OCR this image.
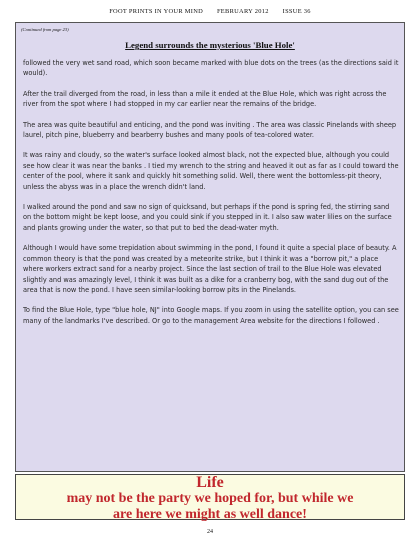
FOOT PRINTS IN YOUR MIND FEBRUARY 2012 ISSUE 36
(Continued from page 23)
Legend surrounds the mysterious 'Blue Hole'

followed the very wet sand road, which soon became marked with blue dots on the trees (as the directions said it would).

After the trail diverged from the road, in less than a mile it ended at the Blue Hole, which was right across the river from the spot where I had stopped in my car earlier near the remains of the bridge.

The area was quite beautiful and enticing, and the pond was inviting . The area was classic Pinelands with sheep laurel, pitch pine, blueberry and bearberry bushes and many pools of tea-colored water.

It was rainy and cloudy, so the water's surface looked almost black, not the expected blue, although you could see how clear it was near the banks . I tied my wrench to the string and heaved it out as far as I could toward the center of the pool, where it sank and quickly hit something solid. Well, there went the bottomless-pit theory, unless the abyss was in a place the wrench didn't land.

I walked around the pond and saw no sign of quicksand, but perhaps if the pond is spring fed, the stirring sand on the bottom might be kept loose, and you could sink if you stepped in it. I also saw water lilies on the surface and plants growing under the water, so that put to bed the dead-water myth.

Although I would have some trepidation about swimming in the pond, I found it quite a special place of beauty. A common theory is that the pond was created by a meteorite strike, but I think it was a "borrow pit," a place where workers extract sand for a nearby project. Since the last section of trail to the Blue Hole was elevated slightly and was amazingly level, I think it was built as a dike for a cranberry bog, with the sand dug out of the area that is now the pond. I have seen similar-looking borrow pits in the Pinelands.

To find the Blue Hole, type "blue hole, NJ" into Google maps. If you zoom in using the satellite option, you can see many of the landmarks I've described. Or go to the management Area website for the directions I followed .

Life
may not be the party we hoped for, but while we
are here we might as well dance!
24
